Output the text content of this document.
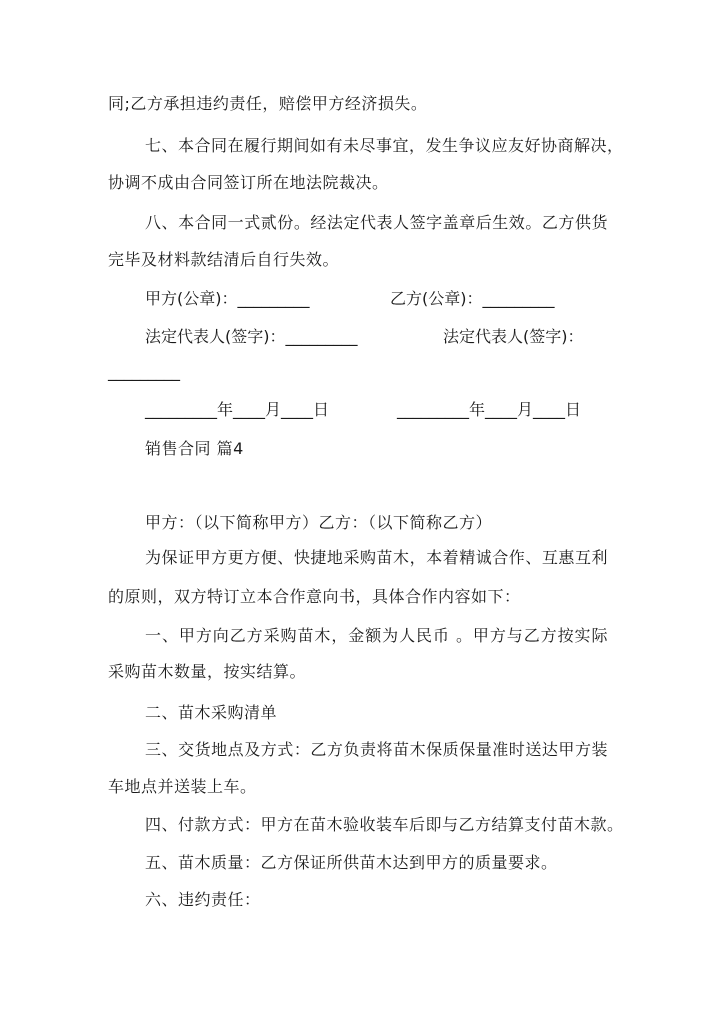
同;乙方承担违约责任，赔偿甲方经济损失。
七、本合同在履行期间如有未尽事宜，发生争议应友好协商解决，
协调不成由合同签订所在地法院裁决。
八、本合同一式贰份。经法定代表人签字盖章后生效。乙方供货
完毕及材料款结清后自行失效。
甲方(公章)：_________	乙方(公章)：_________
法定代表人(签字)：_________	法定代表人(签字)：
_________
_________年____月____日	_________年____月____日
销售合同 篇4
甲方：（以下简称甲方）乙方：（以下简称乙方）
为保证甲方更方便、快捷地采购苗木，本着精诚合作、互惠互利
的原则，双方特订立本合作意向书，具体合作内容如下：
一、甲方向乙方采购苗木，金额为人民币 。甲方与乙方按实际
采购苗木数量，按实结算。
二、苗木采购清单
三、交货地点及方式：乙方负责将苗木保质保量准时送达甲方装
车地点并送装上车。
四、付款方式：甲方在苗木验收装车后即与乙方结算支付苗木款。
五、苗木质量：乙方保证所供苗木达到甲方的质量要求。
六、违约责任：
